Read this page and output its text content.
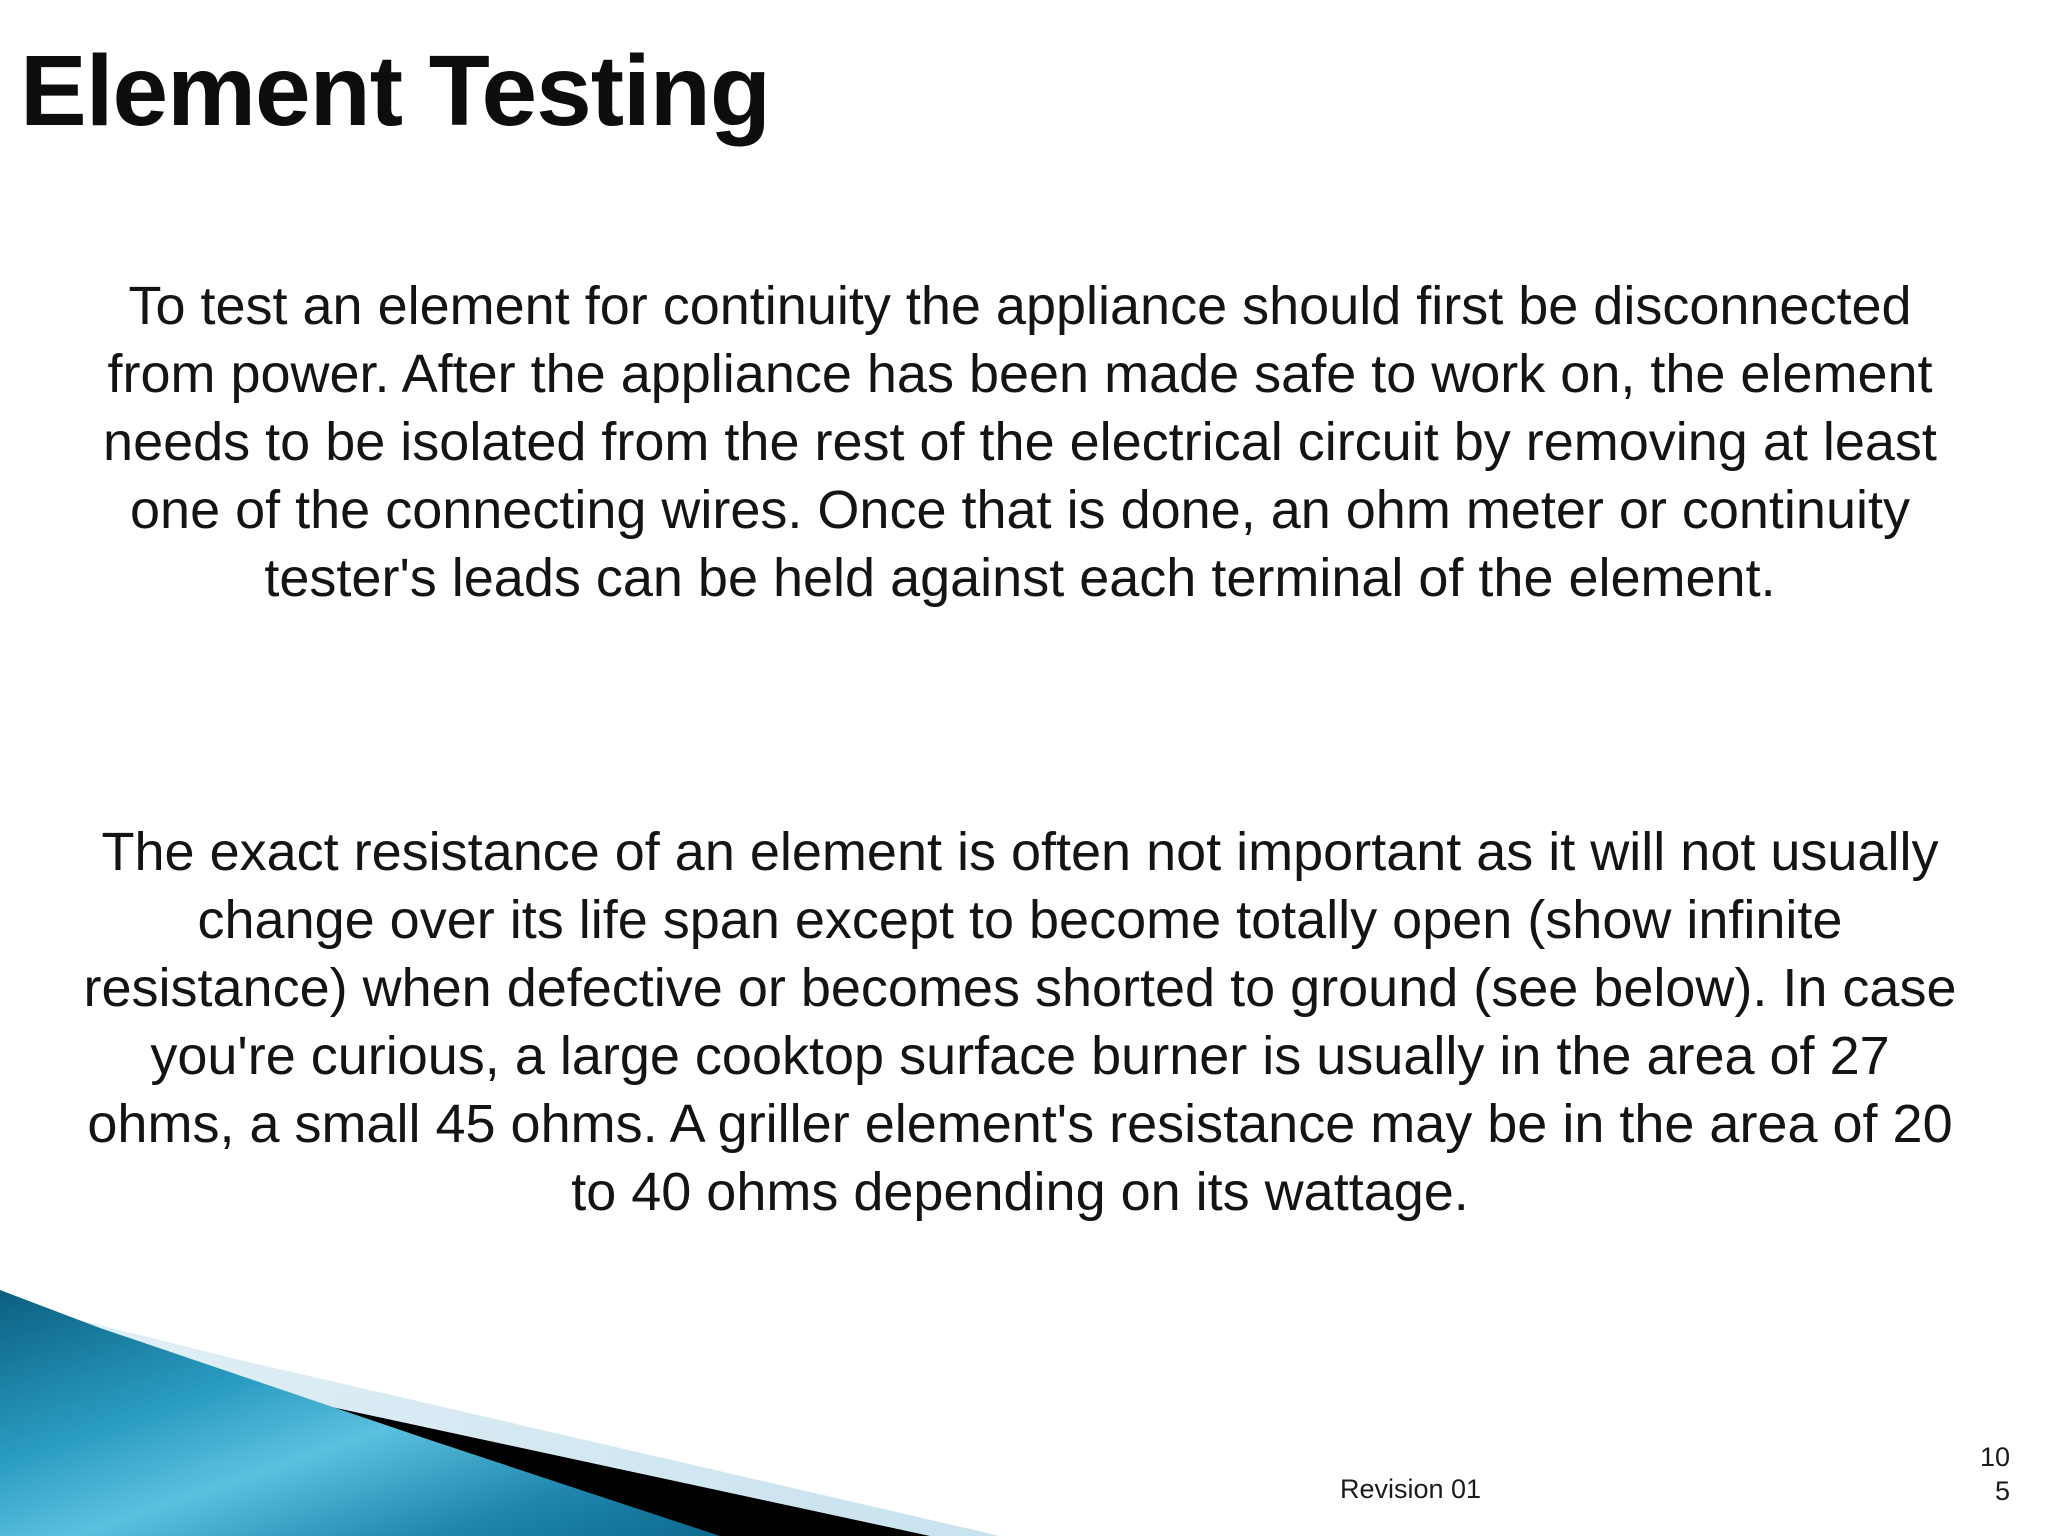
Element Testing

To test an element for continuity the appliance should first be disconnected from power. After the appliance has been made safe to work on, the element needs to be isolated from the rest of the electrical circuit by removing at least one of the connecting wires. Once that is done, an ohm meter or continuity tester's leads can be held against each terminal of the element.

The exact resistance of an element is often not important as it will not usually change over its life span except to become totally open (show infinite resistance) when defective or becomes shorted to ground (see below). In case you're curious, a large cooktop surface burner is usually in the area of 27 ohms, a small 45 ohms. A griller element's resistance may be in the area of 20 to 40 ohms depending on its wattage.

Revision 01
10
5
